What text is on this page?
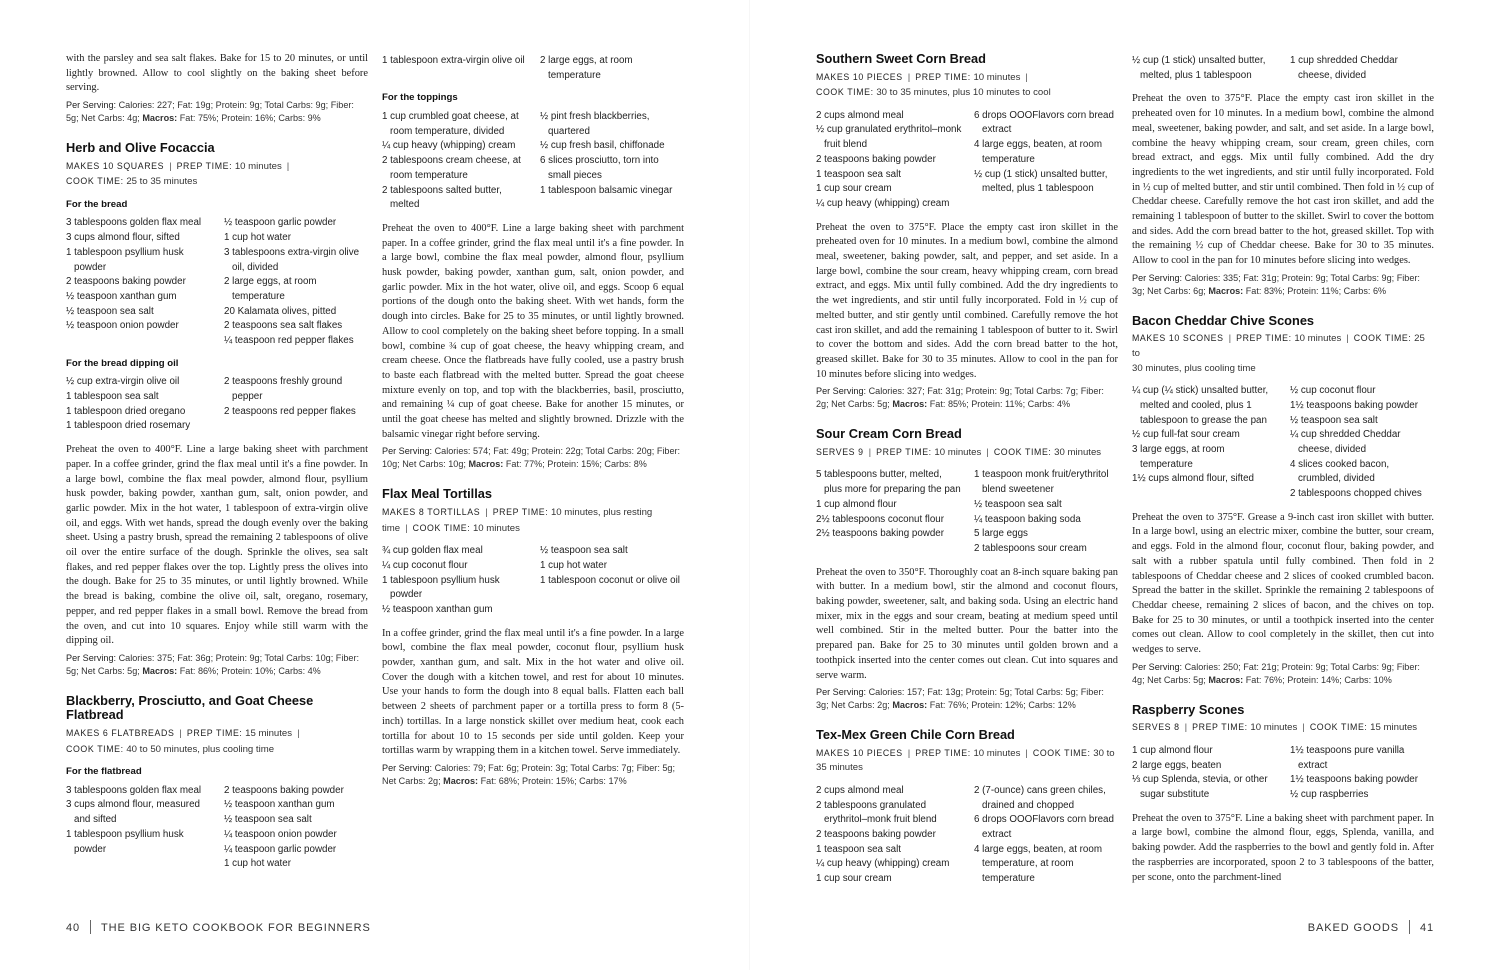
with the parsley and sea salt flakes. Bake for 15 to 20 minutes, or until lightly browned. Allow to cool slightly on the baking sheet before serving.
Per Serving: Calories: 227; Fat: 19g; Protein: 9g; Total Carbs: 9g; Fiber: 5g; Net Carbs: 4g; Macros: Fat: 75%; Protein: 16%; Carbs: 9%
Herb and Olive Focaccia
MAKES 10 SQUARES | PREP TIME: 10 minutes |
COOK TIME: 25 to 35 minutes
For the bread
3 tablespoons golden flax meal
3 cups almond flour, sifted
1 tablespoon psyllium husk powder
2 teaspoons baking powder
½ teaspoon xanthan gum
½ teaspoon sea salt
½ teaspoon onion powder
½ teaspoon garlic powder
1 cup hot water
3 tablespoons extra-virgin olive oil, divided
2 large eggs, at room temperature
20 Kalamata olives, pitted
2 teaspoons sea salt flakes
¼ teaspoon red pepper flakes
For the bread dipping oil
½ cup extra-virgin olive oil
1 tablespoon sea salt
1 tablespoon dried oregano
1 tablespoon dried rosemary
2 teaspoons freshly ground pepper
2 teaspoons red pepper flakes
Preheat the oven to 400°F. Line a large baking sheet with parchment paper. In a coffee grinder, grind the flax meal until it's a fine powder. In a large bowl, combine the flax meal powder, almond flour, psyllium husk powder, baking powder, xanthan gum, salt, onion powder, and garlic powder. Mix in the hot water, 1 tablespoon of extra-virgin olive oil, and eggs. With wet hands, spread the dough evenly over the baking sheet. Using a pastry brush, spread the remaining 2 tablespoons of olive oil over the entire surface of the dough. Sprinkle the olives, sea salt flakes, and red pepper flakes over the top. Lightly press the olives into the dough. Bake for 25 to 35 minutes, or until lightly browned. While the bread is baking, combine the olive oil, salt, oregano, rosemary, pepper, and red pepper flakes in a small bowl. Remove the bread from the oven, and cut into 10 squares. Enjoy while still warm with the dipping oil.
Per Serving: Calories: 375; Fat: 36g; Protein: 9g; Total Carbs: 10g; Fiber: 5g; Net Carbs: 5g; Macros: Fat: 86%; Protein: 10%; Carbs: 4%
Blackberry, Prosciutto, and Goat Cheese Flatbread
MAKES 6 FLATBREADS | PREP TIME: 15 minutes |
COOK TIME: 40 to 50 minutes, plus cooling time
For the flatbread
3 tablespoons golden flax meal
3 cups almond flour, measured and sifted
1 tablespoon psyllium husk powder
2 teaspoons baking powder
½ teaspoon xanthan gum
½ teaspoon sea salt
¼ teaspoon onion powder
¼ teaspoon garlic powder
1 cup hot water
1 tablespoon extra-virgin olive oil	2 large eggs, at room temperature
For the toppings
1 cup crumbled goat cheese, at room temperature, divided
¼ cup heavy (whipping) cream
2 tablespoons cream cheese, at room temperature
2 tablespoons salted butter, melted
½ pint fresh blackberries, quartered
½ cup fresh basil, chiffonade
6 slices prosciutto, torn into small pieces
1 tablespoon balsamic vinegar
Preheat the oven to 400°F. Line a large baking sheet with parchment paper. In a coffee grinder, grind the flax meal until it's a fine powder. In a large bowl, combine the flax meal powder, almond flour, psyllium husk powder, baking powder, xanthan gum, salt, onion powder, and garlic powder. Mix in the hot water, olive oil, and eggs. Scoop 6 equal portions of the dough onto the baking sheet. With wet hands, form the dough into circles. Bake for 25 to 35 minutes, or until lightly browned. Allow to cool completely on the baking sheet before topping. In a small bowl, combine ¾ cup of goat cheese, the heavy whipping cream, and cream cheese. Once the flatbreads have fully cooled, use a pastry brush to baste each flatbread with the melted butter. Spread the goat cheese mixture evenly on top, and top with the blackberries, basil, prosciutto, and remaining ¼ cup of goat cheese. Bake for another 15 minutes, or until the goat cheese has melted and slightly browned. Drizzle with the balsamic vinegar right before serving.
Per Serving: Calories: 574; Fat: 49g; Protein: 22g; Total Carbs: 20g; Fiber: 10g; Net Carbs: 10g; Macros: Fat: 77%; Protein: 15%; Carbs: 8%
Flax Meal Tortillas
MAKES 8 TORTILLAS | PREP TIME: 10 minutes, plus resting
time | COOK TIME: 10 minutes
¾ cup golden flax meal
¼ cup coconut flour
1 tablespoon psyllium husk powder
½ teaspoon xanthan gum
½ teaspoon sea salt
1 cup hot water
1 tablespoon coconut or olive oil
In a coffee grinder, grind the flax meal until it's a fine powder. In a large bowl, combine the flax meal powder, coconut flour, psyllium husk powder, xanthan gum, and salt. Mix in the hot water and olive oil. Cover the dough with a kitchen towel, and rest for about 10 minutes. Use your hands to form the dough into 8 equal balls. Flatten each ball between 2 sheets of parchment paper or a tortilla press to form 8 (5-inch) tortillas. In a large nonstick skillet over medium heat, cook each tortilla for about 10 to 15 seconds per side until golden. Keep your tortillas warm by wrapping them in a kitchen towel. Serve immediately.
Per Serving: Calories: 79; Fat: 6g; Protein: 3g; Total Carbs: 7g; Fiber: 5g; Net Carbs: 2g; Macros: Fat: 68%; Protein: 15%; Carbs: 17%
40 THE BIG KETO COOKBOOK FOR BEGINNERS
Southern Sweet Corn Bread
MAKES 10 PIECES | PREP TIME: 10 minutes |
COOK TIME: 30 to 35 minutes, plus 10 minutes to cool
2 cups almond meal
½ cup granulated erythritol–monk fruit blend
2 teaspoons baking powder
1 teaspoon sea salt
1 cup sour cream
¼ cup heavy (whipping) cream
6 drops OOOFlavors corn bread extract
4 large eggs, beaten, at room temperature
½ cup (1 stick) unsalted butter, melted, plus 1 tablespoon
Preheat the oven to 375°F. Place the empty cast iron skillet in the preheated oven for 10 minutes. In a medium bowl, combine the almond meal, sweetener, baking powder, salt, and pepper, and set aside. In a large bowl, combine the sour cream, heavy whipping cream, corn bread extract, and eggs. Mix until fully combined. Add the dry ingredients to the wet ingredients, and stir until fully incorporated. Fold in ½ cup of melted butter, and stir gently until combined. Carefully remove the hot cast iron skillet, and add the remaining 1 tablespoon of butter to it. Swirl to cover the bottom and sides. Add the corn bread batter to the hot, greased skillet. Bake for 30 to 35 minutes. Allow to cool in the pan for 10 minutes before slicing into wedges.
Per Serving: Calories: 327; Fat: 31g; Protein: 9g; Total Carbs: 7g; Fiber: 2g; Net Carbs: 5g; Macros: Fat: 85%; Protein: 11%; Carbs: 4%
Sour Cream Corn Bread
SERVES 9 | PREP TIME: 10 minutes | COOK TIME: 30 minutes
5 tablespoons butter, melted, plus more for preparing the pan
1 cup almond flour
2½ tablespoons coconut flour
2½ teaspoons baking powder
1 teaspoon monk fruit/erythritol blend sweetener
½ teaspoon sea salt
¼ teaspoon baking soda
5 large eggs
2 tablespoons sour cream
Preheat the oven to 350°F. Thoroughly coat an 8-inch square baking pan with butter. In a medium bowl, stir the almond and coconut flours, baking powder, sweetener, salt, and baking soda. Using an electric hand mixer, mix in the eggs and sour cream, beating at medium speed until well combined. Stir in the melted butter. Pour the batter into the prepared pan. Bake for 25 to 30 minutes until golden brown and a toothpick inserted into the center comes out clean. Cut into squares and serve warm.
Per Serving: Calories: 157; Fat: 13g; Protein: 5g; Total Carbs: 5g; Fiber: 3g; Net Carbs: 2g; Macros: Fat: 76%; Protein: 12%; Carbs: 12%
Tex-Mex Green Chile Corn Bread
MAKES 10 PIECES | PREP TIME: 10 minutes | COOK TIME: 30 to
35 minutes
2 cups almond meal
2 tablespoons granulated erythritol–monk fruit blend
2 teaspoons baking powder
1 teaspoon sea salt
¼ cup heavy (whipping) cream
1 cup sour cream
2 (7-ounce) cans green chiles, drained and chopped
6 drops OOOFlavors corn bread extract
4 large eggs, beaten, at room temperature, at room temperature
½ cup (1 stick) unsalted butter, melted, plus 1 tablespoon
1 cup shredded Cheddar cheese, divided
Preheat the oven to 375°F. Place the empty cast iron skillet in the preheated oven for 10 minutes. In a medium bowl, combine the almond meal, sweetener, baking powder, and salt, and set aside. In a large bowl, combine the heavy whipping cream, sour cream, green chiles, corn bread extract, and eggs. Mix until fully combined. Add the dry ingredients to the wet ingredients, and stir until fully incorporated. Fold in ½ cup of melted butter, and stir until combined. Then fold in ½ cup of Cheddar cheese. Carefully remove the hot cast iron skillet, and add the remaining 1 tablespoon of butter to the skillet. Swirl to cover the bottom and sides. Add the corn bread batter to the hot, greased skillet. Top with the remaining ½ cup of Cheddar cheese. Bake for 30 to 35 minutes. Allow to cool in the pan for 10 minutes before slicing into wedges.
Per Serving: Calories: 335; Fat: 31g; Protein: 9g; Total Carbs: 9g; Fiber: 3g; Net Carbs: 6g; Macros: Fat: 83%; Protein: 11%; Carbs: 6%
Bacon Cheddar Chive Scones
MAKES 10 SCONES | PREP TIME: 10 minutes | COOK TIME: 25 to
30 minutes, plus cooling time
¼ cup (¼ stick) unsalted butter, melted and cooled, plus 1 tablespoon to grease the pan
½ cup full-fat sour cream
3 large eggs, at room temperature
1½ cups almond flour, sifted
½ cup coconut flour
1½ teaspoons baking powder
½ teaspoon sea salt
¼ cup shredded Cheddar cheese, divided
4 slices cooked bacon, crumbled, divided
2 tablespoons chopped chives
Preheat the oven to 375°F. Grease a 9-inch cast iron skillet with butter. In a large bowl, using an electric mixer, combine the butter, sour cream, and eggs. Fold in the almond flour, coconut flour, baking powder, and salt with a rubber spatula until fully combined. Then fold in 2 tablespoons of Cheddar cheese and 2 slices of cooked crumbled bacon. Spread the batter in the skillet. Sprinkle the remaining 2 tablespoons of Cheddar cheese, remaining 2 slices of bacon, and the chives on top. Bake for 25 to 30 minutes, or until a toothpick inserted into the center comes out clean. Allow to cool completely in the skillet, then cut into wedges to serve.
Per Serving: Calories: 250; Fat: 21g; Protein: 9g; Total Carbs: 9g; Fiber: 4g; Net Carbs: 5g; Macros: Fat: 76%; Protein: 14%; Carbs: 10%
Raspberry Scones
SERVES 8 | PREP TIME: 10 minutes | COOK TIME: 15 minutes
1 cup almond flour
2 large eggs, beaten
⅓ cup Splenda, stevia, or other sugar substitute
1½ teaspoons pure vanilla extract
1½ teaspoons baking powder
½ cup raspberries
Preheat the oven to 375°F. Line a baking sheet with parchment paper. In a large bowl, combine the almond flour, eggs, Splenda, vanilla, and baking powder. Add the raspberries to the bowl and gently fold in. After the raspberries are incorporated, spoon 2 to 3 tablespoons of the batter, per scone, onto the parchment-lined
BAKED GOODS 41
